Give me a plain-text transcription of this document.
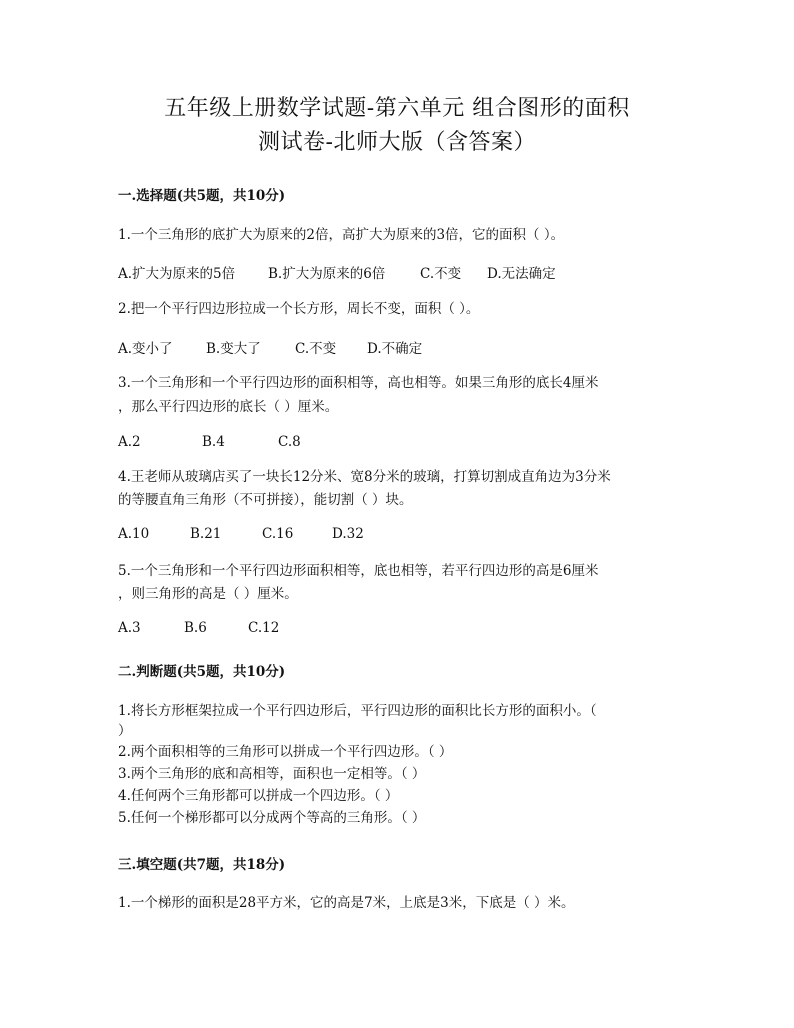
五年级上册数学试题-第六单元 组合图形的面积
测试卷-北师大版（含答案）
一.选择题(共5题，共10分)
1.一个三角形的底扩大为原来的2倍，高扩大为原来的3倍，它的面积（ ）。
A.扩大为原来的5倍 B.扩大为原来的6倍	C.不变 D.无法确定
2.把一个平行四边形拉成一个长方形，周长不变，面积（ ）。
A.变小了 B.变大了	C.不变 D.不确定
3.一个三角形和一个平行四边形的面积相等，高也相等。如果三角形的底长4厘米
，那么平行四边形的底长（ ）厘米。
A.2	B.4	C.8
4.王老师从玻璃店买了一块长12分米、宽8分米的玻璃，打算切割成直角边为3分米
的等腰直角三角形（不可拼接），能切割（ ）块。
A.10	B.21	C.16	D.32
5.一个三角形和一个平行四边形面积相等，底也相等，若平行四边形的高是6厘米
，则三角形的高是（ ）厘米。
A.3	B.6	C.12
二.判断题(共5题，共10分)
1.将长方形框架拉成一个平行四边形后，平行四边形的面积比长方形的面积小。（
）
2.两个面积相等的三角形可以拼成一个平行四边形。（ ）
3.两个三角形的底和高相等，面积也一定相等。（ ）
4.任何两个三角形都可以拼成一个四边形。（ ）
5.任何一个梯形都可以分成两个等高的三角形。（ ）
三.填空题(共7题，共18分)
1.一个梯形的面积是28平方米，它的高是7米，上底是3米，下底是（ ）米。
